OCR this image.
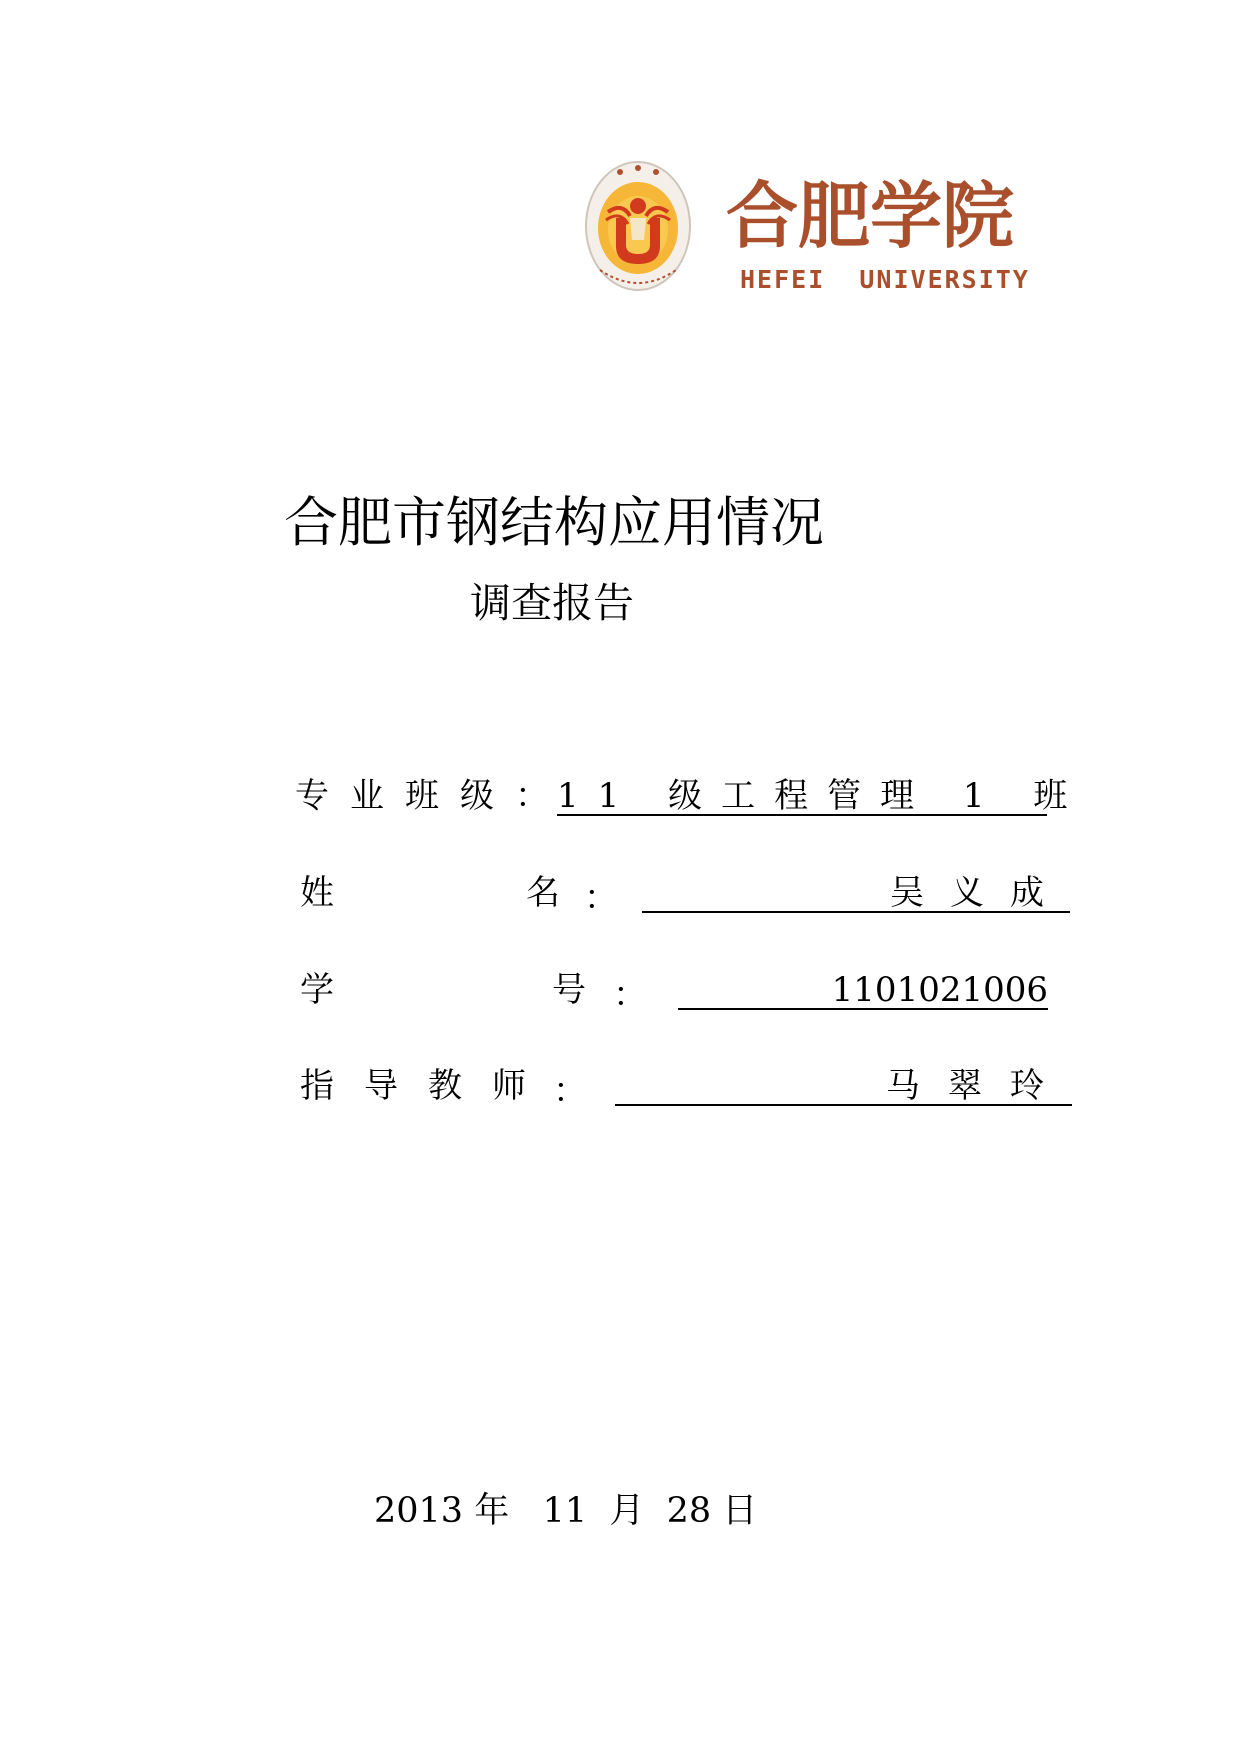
合肥学院
HEFEI  UNIVERSITY
合肥市钢结构应用情况
调查报告
专业班级：
11 级工程管理 1 班
姓	名 ：	吴义成
学	号 ：	1101021006
指导教师
：	马翠玲
2013 年   11  月  28 日
